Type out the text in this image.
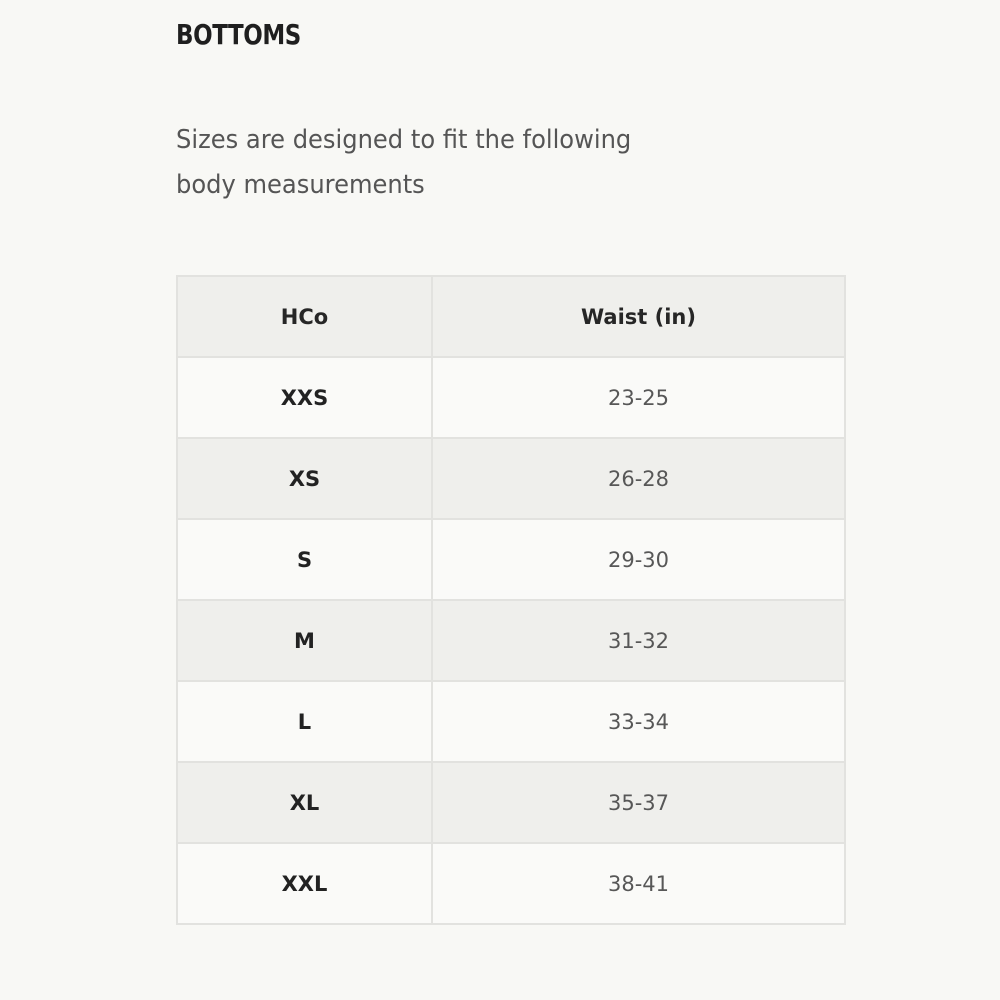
BOTTOMS

Sizes are designed to fit the following body measurements

HCo	Waist (in)
XXS	23-25
XS	26-28
S	29-30
M	31-32
L	33-34
XL	35-37
XXL	38-41
